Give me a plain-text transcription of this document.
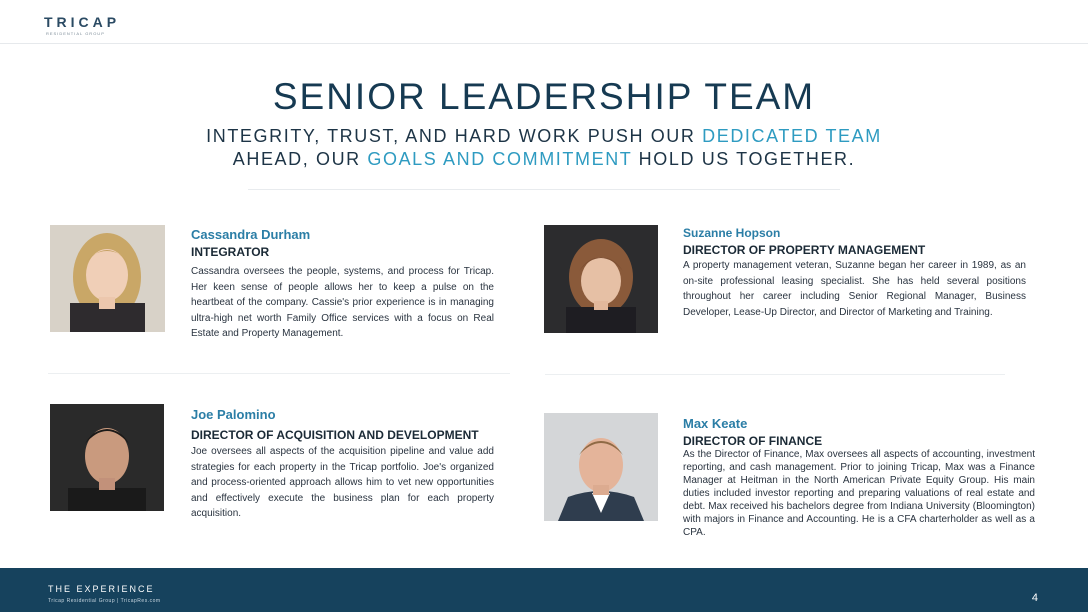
TRICAP
RESIDENTIAL GROUP
SENIOR LEADERSHIP TEAM
INTEGRITY, TRUST, AND HARD WORK PUSH OUR DEDICATED TEAM AHEAD, OUR GOALS AND COMMITMENT HOLD US TOGETHER.
Cassandra Durham
INTEGRATOR
Cassandra oversees the people, systems, and process for Tricap. Her keen sense of people allows her to keep a pulse on the heartbeat of the company. Cassie's prior experience is in managing ultra-high net worth Family Office services with a focus on Real Estate and Property Management.
Suzanne Hopson
DIRECTOR OF PROPERTY MANAGEMENT
A property management veteran, Suzanne began her career in 1989, as an on-site professional leasing specialist. She has held several positions throughout her career including Senior Regional Manager, Business Developer, Lease-Up Director, and Director of Marketing and Training.
Joe Palomino
DIRECTOR OF ACQUISITION AND DEVELOPMENT
Joe oversees all aspects of the acquisition pipeline and value add strategies for each property in the Tricap portfolio. Joe's organized and process-oriented approach allows him to vet new opportunities and effectively execute the business plan for each property acquisition.
Max Keate
DIRECTOR OF FINANCE
As the Director of Finance, Max oversees all aspects of accounting, investment reporting, and cash management. Prior to joining Tricap, Max was a Finance Manager at Heitman in the North American Private Equity Group. His main duties included investor reporting and preparing valuations of real estate and debt. Max received his bachelors degree from Indiana University (Bloomington) with majors in Finance and Accounting. He is a CFA charterholder as well as a CPA.
THE EXPERIENCE
Tricap Residential Group | TricapRes.com	4
